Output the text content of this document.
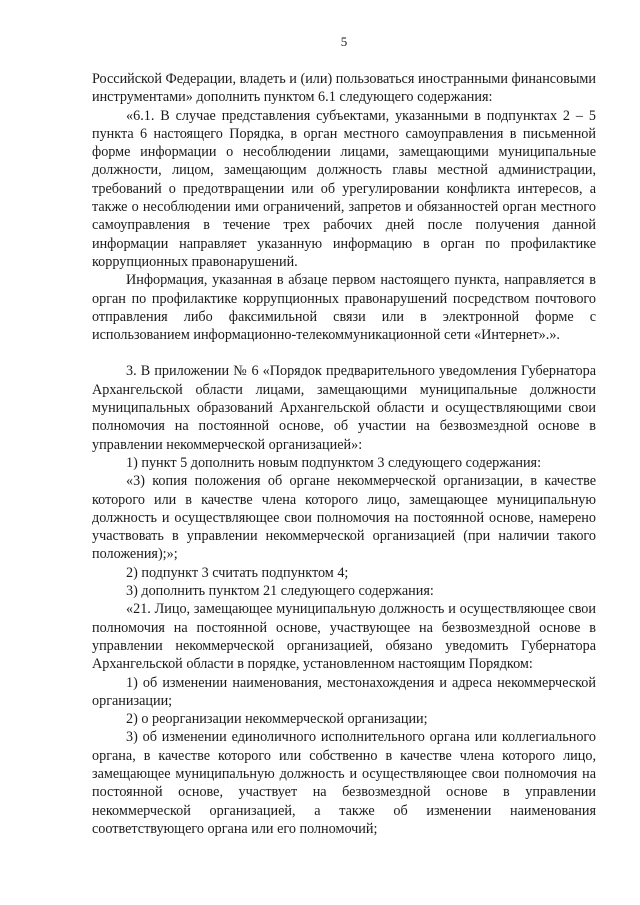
5

Российской Федерации, владеть и (или) пользоваться иностранными финансовыми инструментами» дополнить пунктом 6.1 следующего содержания:

«6.1. В случае представления субъектами, указанными в подпунктах 2 – 5 пункта 6 настоящего Порядка, в орган местного самоуправления в письменной форме информации о несоблюдении лицами, замещающими муниципальные должности, лицом, замещающим должность главы местной администрации, требований о предотвращении или об урегулировании конфликта интересов, а также о несоблюдении ими ограничений, запретов и обязанностей орган местного самоуправления в течение трех рабочих дней после получения данной информации направляет указанную информацию в орган по профилактике коррупционных правонарушений.

Информация, указанная в абзаце первом настоящего пункта, направляется в орган по профилактике коррупционных правонарушений посредством почтового отправления либо факсимильной связи или в электронной форме с использованием информационно-телекоммуникационной сети «Интернет».».

3. В приложении № 6 «Порядок предварительного уведомления Губернатора Архангельской области лицами, замещающими муниципальные должности муниципальных образований Архангельской области и осуществляющими свои полномочия на постоянной основе, об участии на безвозмездной основе в управлении некоммерческой организацией»:

1) пункт 5 дополнить новым подпунктом 3 следующего содержания:

«3) копия положения об органе некоммерческой организации, в качестве которого или в качестве члена которого лицо, замещающее муниципальную должность и осуществляющее свои полномочия на постоянной основе, намерено участвовать в управлении некоммерческой организацией (при наличии такого положения);»;

2) подпункт 3 считать подпунктом 4;

3) дополнить пунктом 21 следующего содержания:

«21. Лицо, замещающее муниципальную должность и осуществляющее свои полномочия на постоянной основе, участвующее на безвозмездной основе в управлении некоммерческой организацией, обязано уведомить Губернатора Архангельской области в порядке, установленном настоящим Порядком:

1) об изменении наименования, местонахождения и адреса некоммерческой организации;

2) о реорганизации некоммерческой организации;

3) об изменении единоличного исполнительного органа или коллегиального органа, в качестве которого или собственно в качестве члена которого лицо, замещающее муниципальную должность и осуществляющее свои полномочия на постоянной основе, участвует на безвозмездной основе в управлении некоммерческой организацией, а также об изменении наименования соответствующего органа или его полномочий;
